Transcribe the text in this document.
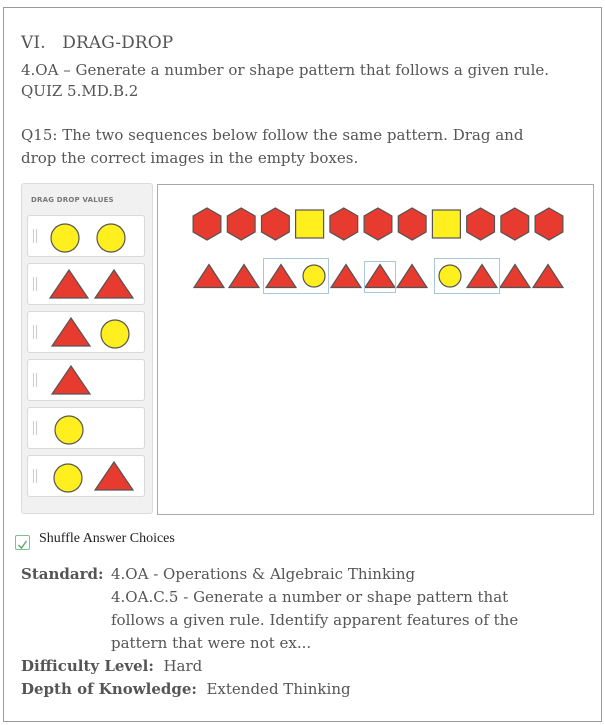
VI. DRAG-DROP
4.OA – Generate a number or shape pattern that follows a given rule.
QUIZ 5.MD.B.2
Q15: The two sequences below follow the same pattern. Drag and
drop the correct images in the empty boxes.
DRAG DROP VALUES
Shuffle Answer Choices
Standard: 4.OA - Operations & Algebraic Thinking
4.OA.C.5 - Generate a number or shape pattern that
follows a given rule. Identify apparent features of the
pattern that were not ex...
Difficulty Level: Hard
Depth of Knowledge: Extended Thinking
